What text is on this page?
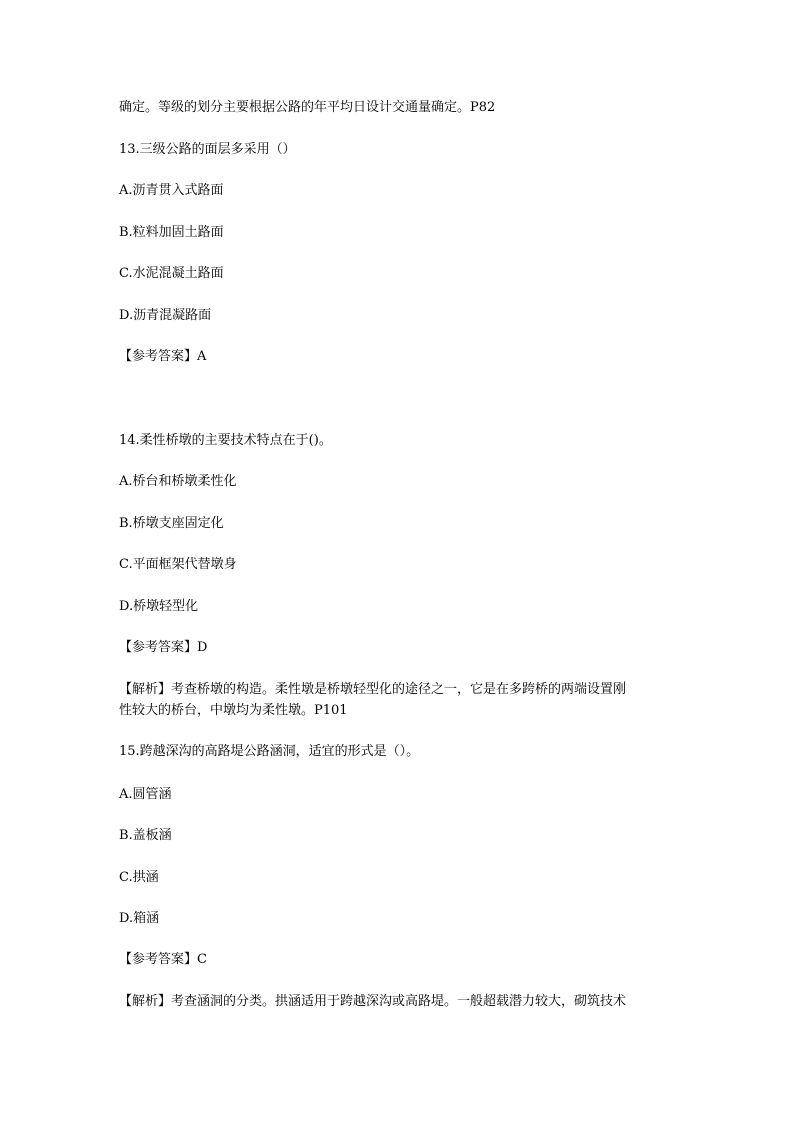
确定。等级的划分主要根据公路的年平均日设计交通量确定。P82
13.三级公路的面层多采用（）
A.沥青贯入式路面
B.粒料加固土路面
C.水泥混凝土路面
D.沥青混凝路面
【参考答案】A
14.柔性桥墩的主要技术特点在于()。
A.桥台和桥墩柔性化
B.桥墩支座固定化
C.平面框架代替墩身
D.桥墩轻型化
【参考答案】D
【解析】考查桥墩的构造。柔性墩是桥墩轻型化的途径之一，它是在多跨桥的两端设置刚
性较大的桥台，中墩均为柔性墩。P101
15.跨越深沟的高路堤公路涵洞，适宜的形式是（）。
A.圆管涵
B.盖板涵
C.拱涵
D.箱涵
【参考答案】C
【解析】考查涵洞的分类。拱涵适用于跨越深沟或高路堤。一般超载潜力较大，砌筑技术
